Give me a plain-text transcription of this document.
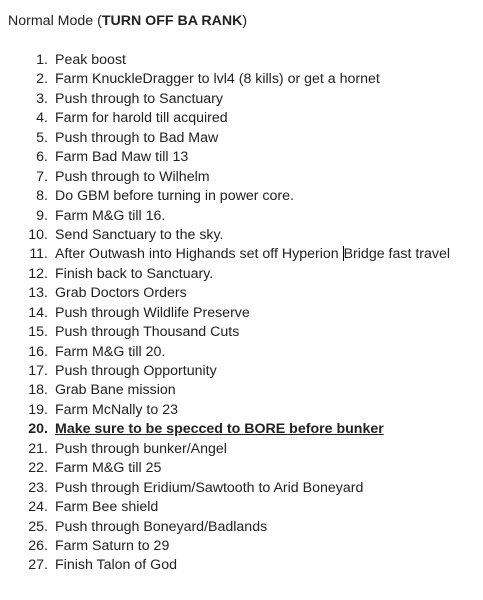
Normal Mode (TURN OFF BA RANK)
1. Peak boost
2. Farm KnuckleDragger to lvl4 (8 kills) or get a hornet
3. Push through to Sanctuary
4. Farm for harold till acquired
5. Push through to Bad Maw
6. Farm Bad Maw till 13
7. Push through to Wilhelm
8. Do GBM before turning in power core.
9. Farm M&G till 16.
10. Send Sanctuary to the sky.
11. After Outwash into Highands set off Hyperion Bridge fast travel
12. Finish back to Sanctuary.
13. Grab Doctors Orders
14. Push through Wildlife Preserve
15. Push through Thousand Cuts
16. Farm M&G till 20.
17. Push through Opportunity
18. Grab Bane mission
19. Farm McNally to 23
20. Make sure to be specced to BORE before bunker
21. Push through bunker/Angel
22. Farm M&G till 25
23. Push through Eridium/Sawtooth to Arid Boneyard
24. Farm Bee shield
25. Push through Boneyard/Badlands
26. Farm Saturn to 29
27. Finish Talon of God
